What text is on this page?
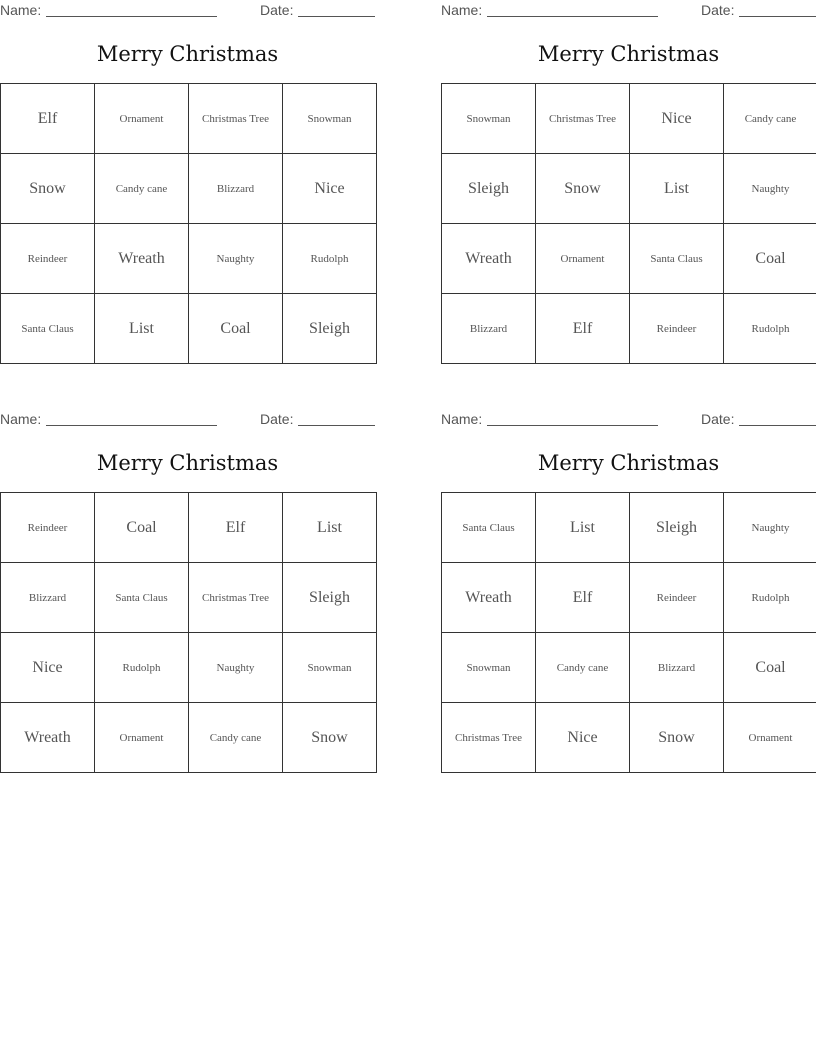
Name:	Date:
Merry Christmas
Elf	Ornament	Christmas Tree	Snowman
Snow	Candy cane	Blizzard	Nice
Reindeer	Wreath	Naughty	Rudolph
Santa Claus	List	Coal	Sleigh
Name:	Date:
Merry Christmas
Snowman	Christmas Tree	Nice	Candy cane
Sleigh	Snow	List	Naughty
Wreath	Ornament	Santa Claus	Coal
Blizzard	Elf	Reindeer	Rudolph
Name:	Date:
Merry Christmas
Reindeer	Coal	Elf	List
Blizzard	Santa Claus	Christmas Tree	Sleigh
Nice	Rudolph	Naughty	Snowman
Wreath	Ornament	Candy cane	Snow
Name:	Date:
Merry Christmas
Santa Claus	List	Sleigh	Naughty
Wreath	Elf	Reindeer	Rudolph
Snowman	Candy cane	Blizzard	Coal
Christmas Tree	Nice	Snow	Ornament
